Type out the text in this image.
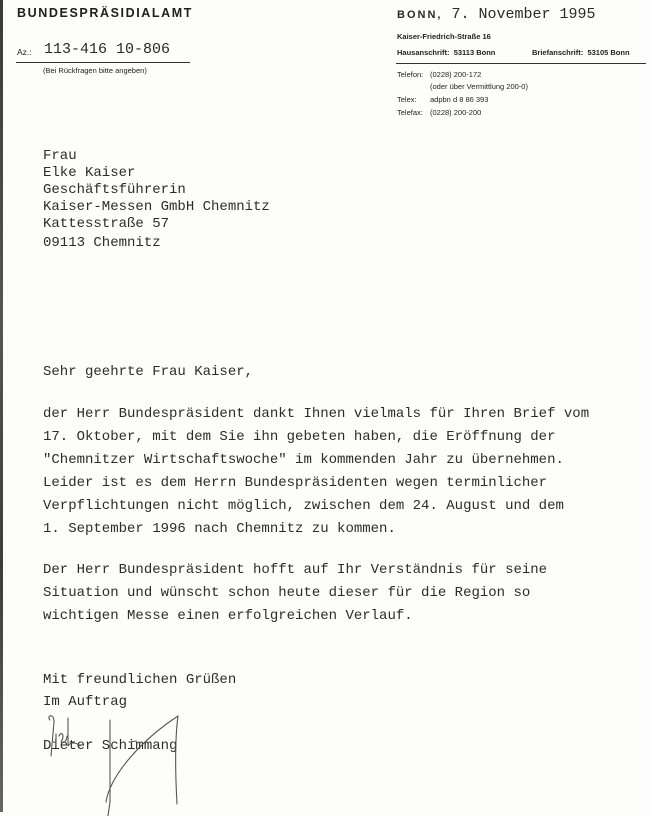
BUNDESPRÄSIDIALAMT
Az.: 113-416 10-806
(Bei Rückfragen bitte angeben)
BONN, 7. November 1995
Kaiser-Friedrich-Straße 16
Hausanschrift: 53113 Bonn	Briefanschrift: 53105 Bonn
Telefon: (0228) 200-172
(oder über Vermittlung 200-0)
Telex: adpbn d 8 86 393
Telefax: (0228) 200-200
Frau
Elke Kaiser
Geschäftsführerin
Kaiser-Messen GmbH Chemnitz
Kattesstraße 57
09113 Chemnitz
Sehr geehrte Frau Kaiser,
der Herr Bundespräsident dankt Ihnen vielmals für Ihren Brief vom
17. Oktober, mit dem Sie ihn gebeten haben, die Eröffnung der
"Chemnitzer Wirtschaftswoche" im kommenden Jahr zu übernehmen.
Leider ist es dem Herrn Bundespräsidenten wegen terminlicher
Verpflichtungen nicht möglich, zwischen dem 24. August und dem
1. September 1996 nach Chemnitz zu kommen.
Der Herr Bundespräsident hofft auf Ihr Verständnis für seine
Situation und wünscht schon heute dieser für die Region so
wichtigen Messe einen erfolgreichen Verlauf.
Mit freundlichen Grüßen
Im Auftrag
Dieter Schimmang
